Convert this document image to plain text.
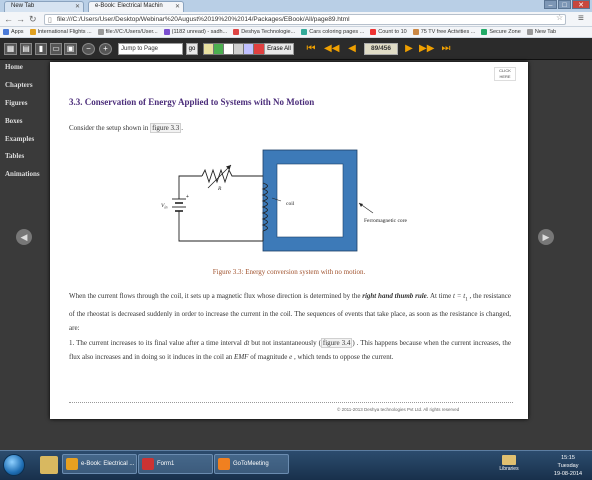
New Tab	✕	e-Book: Electrical Machin ✕	–	□	✕
← → ↻ ▯ file:///C:/Users/User/Desktop/Webinar%20August%2019%20%2014/Packages/EBook/All/page89.html	☆ ≡
Apps	International Flights ...	file:///C:/Users/User...	(1182 unread) - sadh...	Deshya Technologie...	Cars coloring pages ...	Count to 10	75 TV free Activities ...	Secure Zone	New Tab
▦ ▤	▮	▭ ▣	−	+	Jump to Page	go	Erase All	⏮ ◀◀ ◀	89/456	▶ ▶▶ ⏭
Home
Chapters
Figures
Boxes
Examples
Tables
Animations
◀	▶
CLICK HERE
3.3. Conservation of Energy Applied to Systems with No Motion
Consider the setup shown in figure 3.3 .
+
R
$V_{in}$	coil
Ferromagnetic core
Figure 3.3: Energy conversion system with no motion.
When the current flows through the coil, it sets up a magnetic flux whose direction is determined by the right hand thumb rule. At time $t = t_1$ , the resistance of the rheostat is decreased suddenly in order to increase the current in the coil. The sequences of events that take place, as soon as the resistance is changed, are:
1. The current increases to its final value after a time interval dt but not instantaneously ( figure 3.4 ) . This happens because when the current increases, the flux also increases and in doing so it induces in the coil an EMF of magnitude e , which tends to oppose the current.
© 2011-2013 Deshya technologies Pvt Ltd. All rights reserved
e-Book: Electrical ...	Form1	GoToMeeting
Libraries
15:15
Tuesday
19-08-2014
